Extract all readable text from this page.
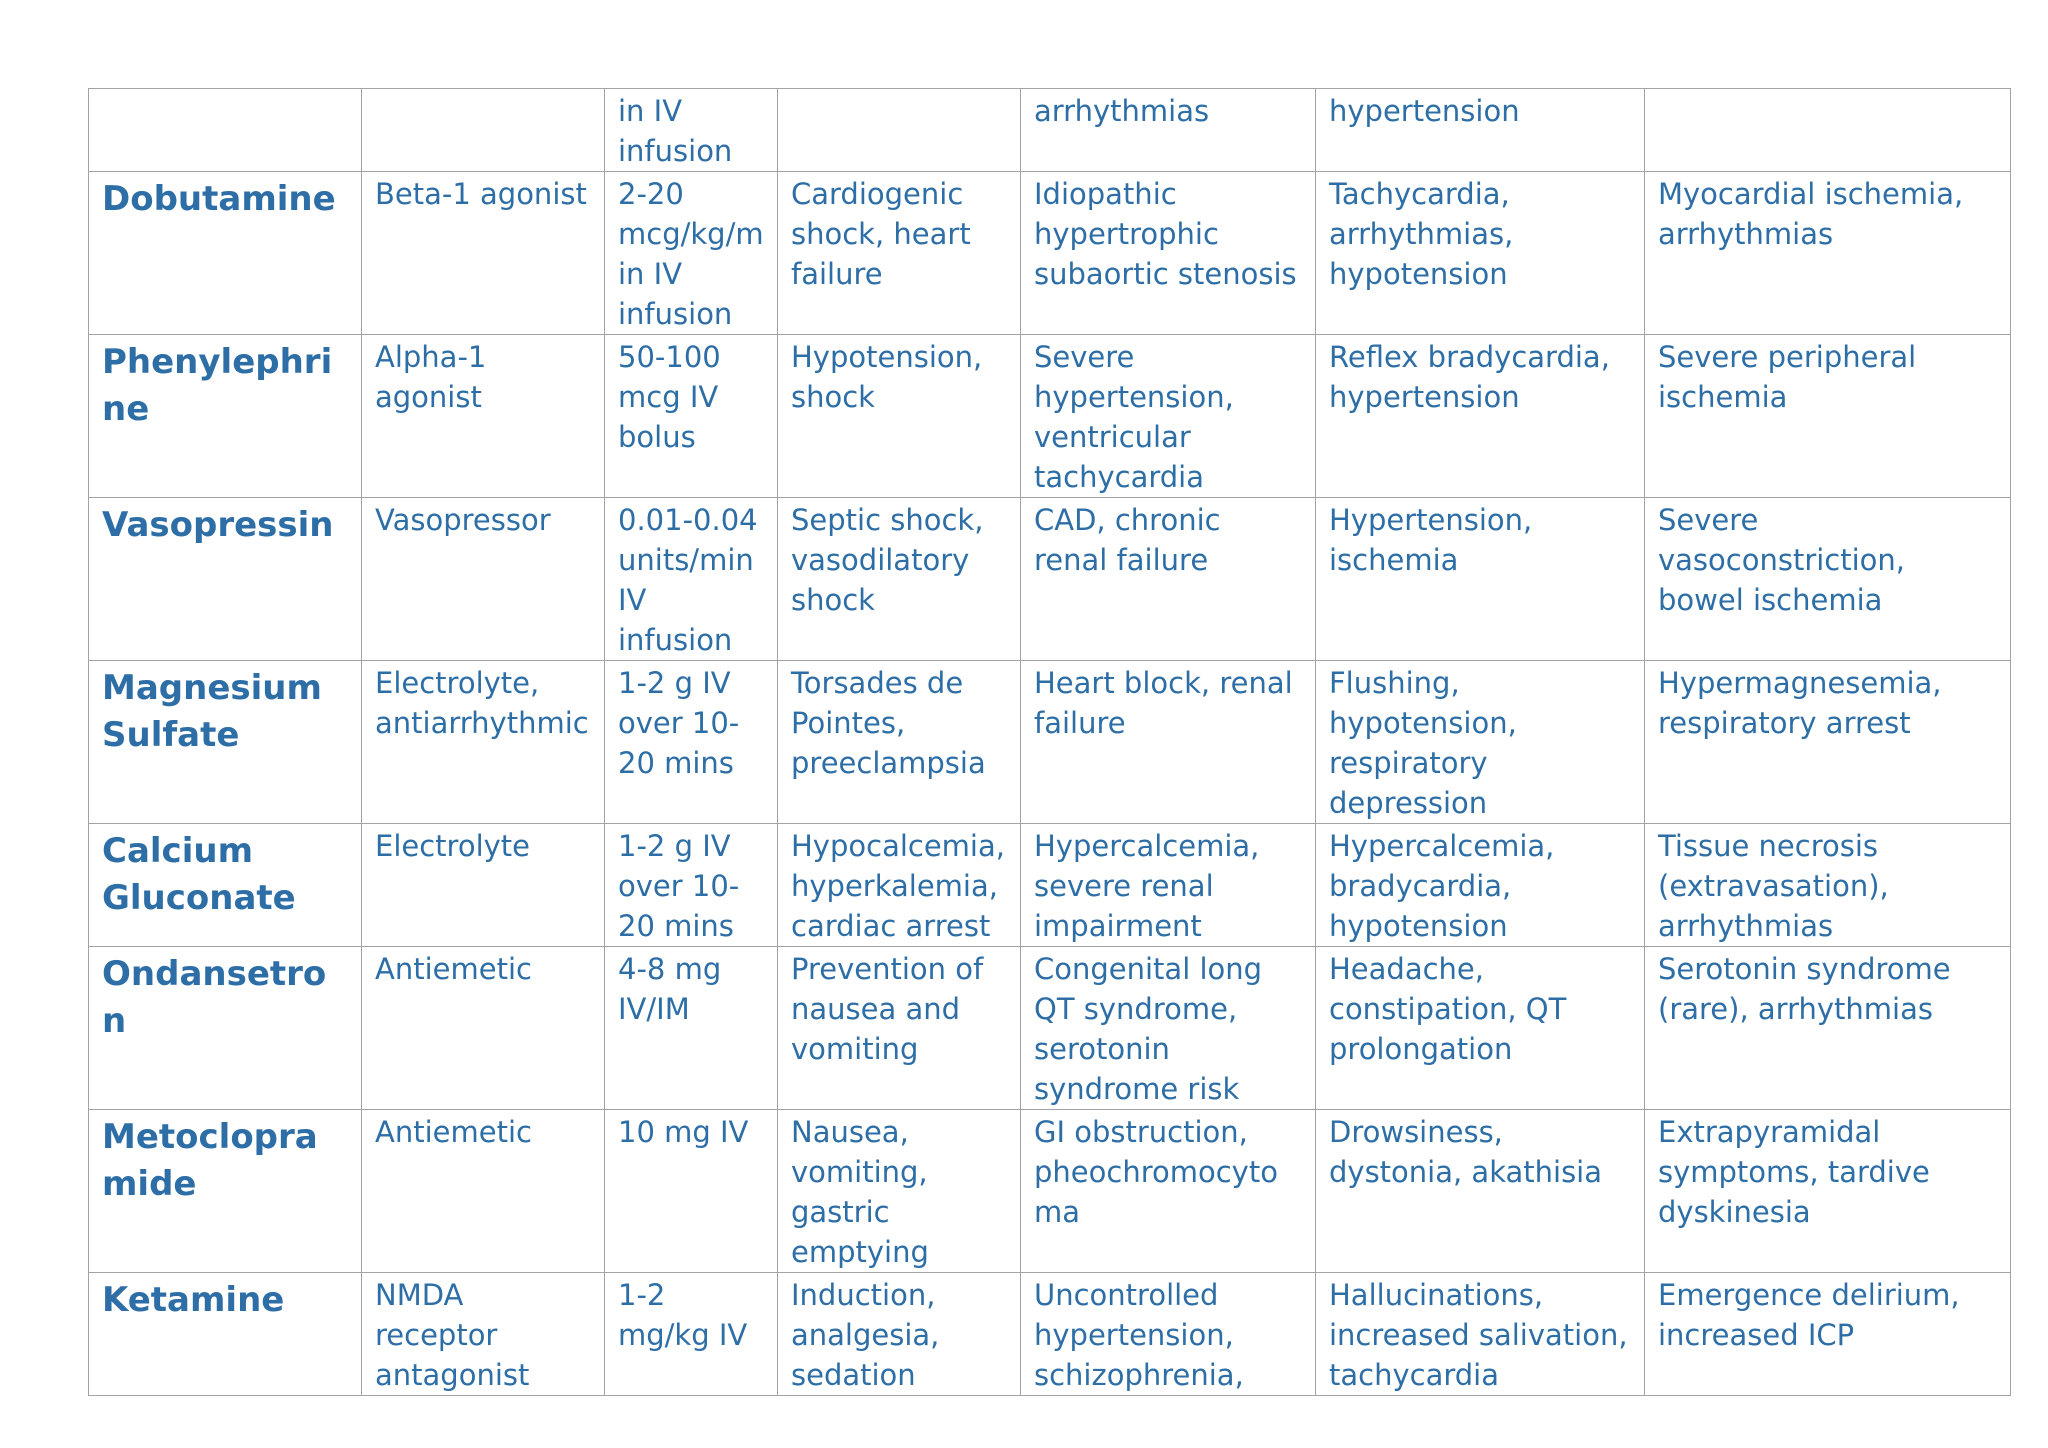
		in IV infusion		arrhythmias	hypertension	
Dobutamine	Beta-1 agonist	2-20 mcg/kg/min IV infusion	Cardiogenic shock, heart failure	Idiopathic hypertrophic subaortic stenosis	Tachycardia, arrhythmias, hypotension	Myocardial ischemia, arrhythmias
Phenylephrine	Alpha-1 agonist	50-100 mcg IV bolus	Hypotension, shock	Severe hypertension, ventricular tachycardia	Reflex bradycardia, hypertension	Severe peripheral ischemia
Vasopressin	Vasopressor	0.01-0.04 units/min IV infusion	Septic shock, vasodilatory shock	CAD, chronic renal failure	Hypertension, ischemia	Severe vasoconstriction, bowel ischemia
Magnesium Sulfate	Electrolyte, antiarrhythmic	1-2 g IV over 10-20 mins	Torsades de Pointes, preeclampsia	Heart block, renal failure	Flushing, hypotension, respiratory depression	Hypermagnesemia, respiratory arrest
Calcium Gluconate	Electrolyte	1-2 g IV over 10-20 mins	Hypocalcemia, hyperkalemia, cardiac arrest	Hypercalcemia, severe renal impairment	Hypercalcemia, bradycardia, hypotension	Tissue necrosis (extravasation), arrhythmias
Ondansetron	Antiemetic	4-8 mg IV/IM	Prevention of nausea and vomiting	Congenital long QT syndrome, serotonin syndrome risk	Headache, constipation, QT prolongation	Serotonin syndrome (rare), arrhythmias
Metoclopramide	Antiemetic	10 mg IV	Nausea, vomiting, gastric emptying	GI obstruction, pheochromocytoma	Drowsiness, dystonia, akathisia	Extrapyramidal symptoms, tardive dyskinesia
Ketamine	NMDA receptor antagonist	1-2 mg/kg IV	Induction, analgesia, sedation	Uncontrolled hypertension, schizophrenia,	Hallucinations, increased salivation, tachycardia	Emergence delirium, increased ICP
